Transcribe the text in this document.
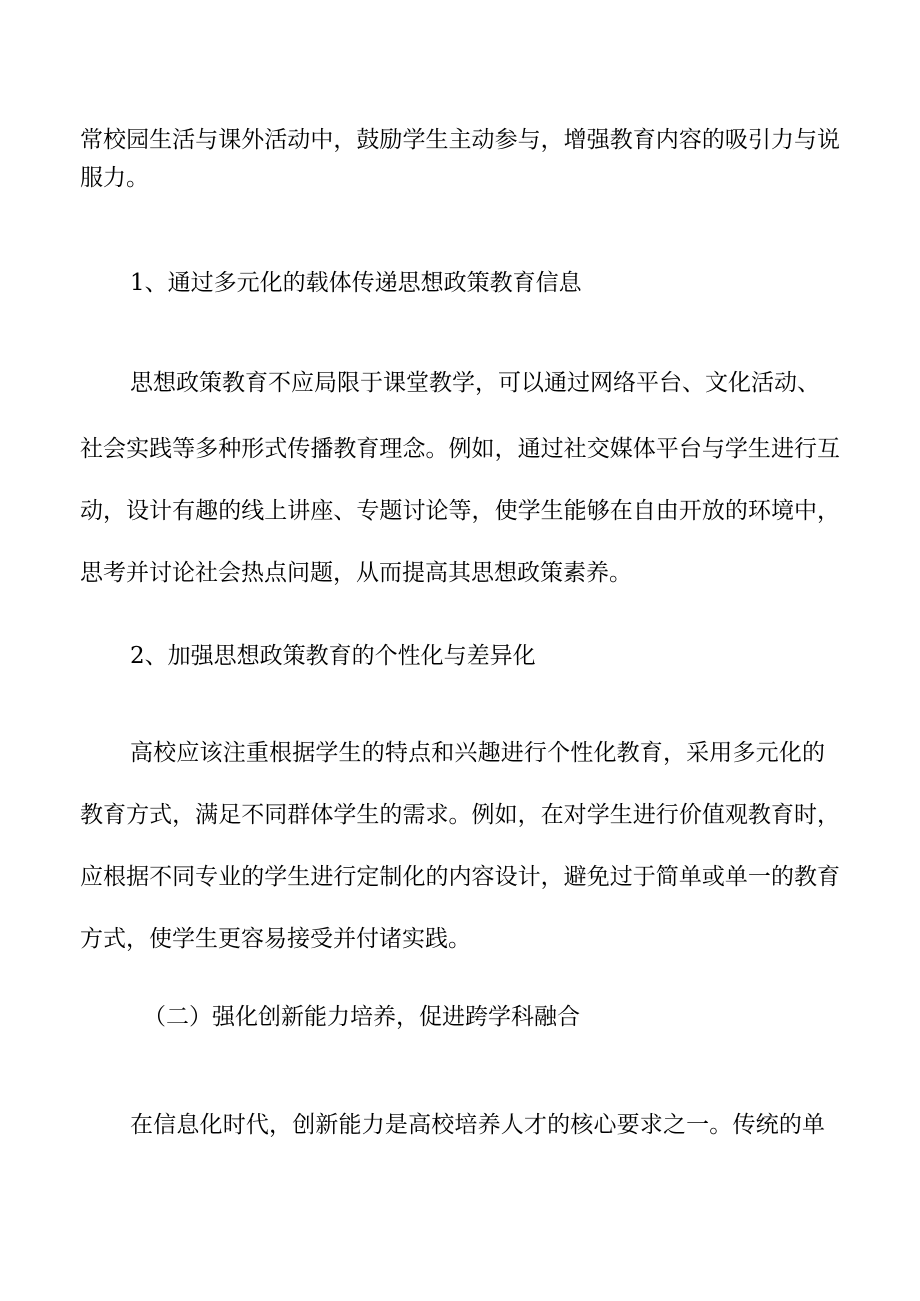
常校园生活与课外活动中，鼓励学生主动参与，增强教育内容的吸引力与说
服力。
1、通过多元化的载体传递思想政策教育信息
思想政策教育不应局限于课堂教学，可以通过网络平台、文化活动、
社会实践等多种形式传播教育理念。例如，通过社交媒体平台与学生进行互
动，设计有趣的线上讲座、专题讨论等，使学生能够在自由开放的环境中，
思考并讨论社会热点问题，从而提高其思想政策素养。
2、加强思想政策教育的个性化与差异化
高校应该注重根据学生的特点和兴趣进行个性化教育，采用多元化的
教育方式，满足不同群体学生的需求。例如，在对学生进行价值观教育时，
应根据不同专业的学生进行定制化的内容设计，避免过于简单或单一的教育
方式，使学生更容易接受并付诸实践。
（二）强化创新能力培养，促进跨学科融合
在信息化时代，创新能力是高校培养人才的核心要求之一。传统的单
